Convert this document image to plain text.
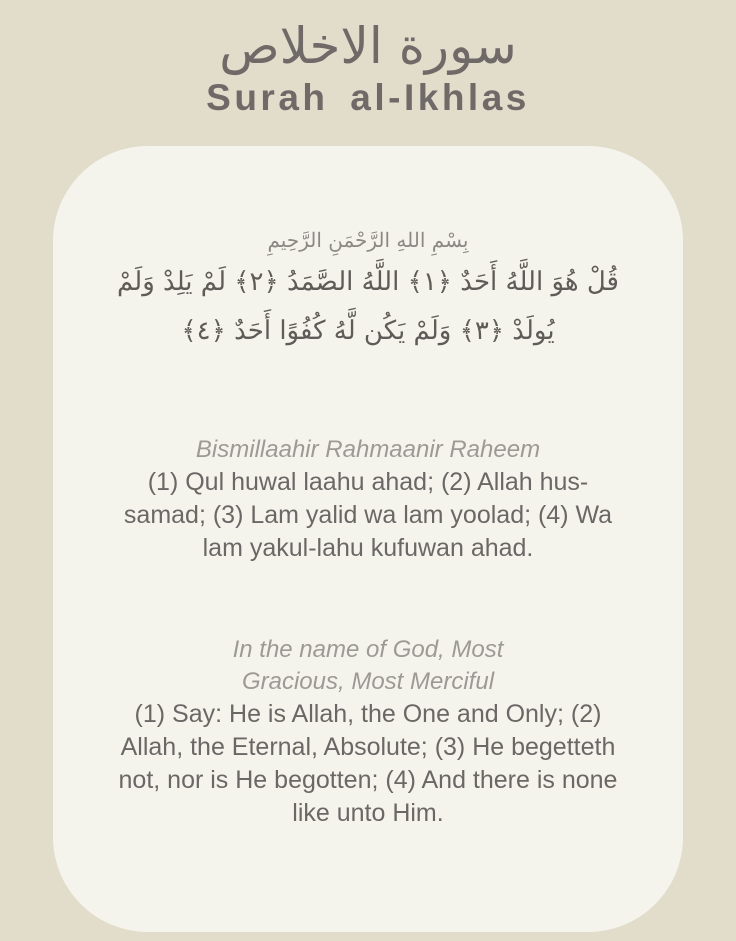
سورة الاخلاص
Surah al-Ikhlas
بِسْمِ اللهِ الرَّحْمَنِ الرَّحِيمِ
قُلْ هُوَ اللَّهُ أَحَدٌ ﴿١﴾ اللَّهُ الصَّمَدُ ﴿٢﴾ لَمْ يَلِدْ وَلَمْ يُولَدْ ﴿٣﴾ وَلَمْ يَكُن لَّهُ كُفُوًا أَحَدٌ ﴿٤﴾
Bismillaahir Rahmaanir Raheem
(1) Qul huwal laahu ahad; (2) Allah hus-samad; (3) Lam yalid wa lam yoolad; (4) Wa lam yakul-lahu kufuwan ahad.
In the name of God, Most Gracious, Most Merciful
(1) Say: He is Allah, the One and Only; (2) Allah, the Eternal, Absolute; (3) He begetteth not, nor is He begotten; (4) And there is none like unto Him.
